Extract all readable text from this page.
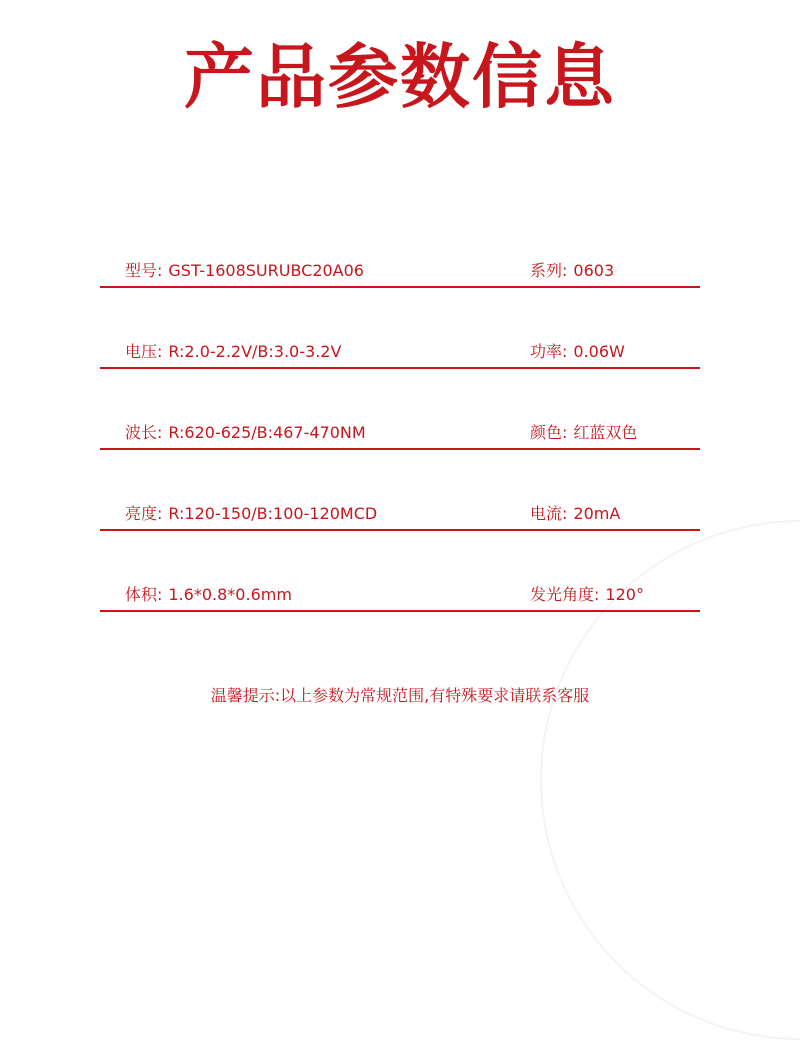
产品参数信息
型号: GST-1608SURUBC20A06	系列: 0603
电压: R:2.0-2.2V/B:3.0-3.2V	功率: 0.06W
波长: R:620-625/B:467-470NM	颜色: 红蓝双色
亮度: R:120-150/B:100-120MCD	电流: 20mA
体积: 1.6*0.8*0.6mm	发光角度: 120°
温馨提示:以上参数为常规范围,有特殊要求请联系客服
